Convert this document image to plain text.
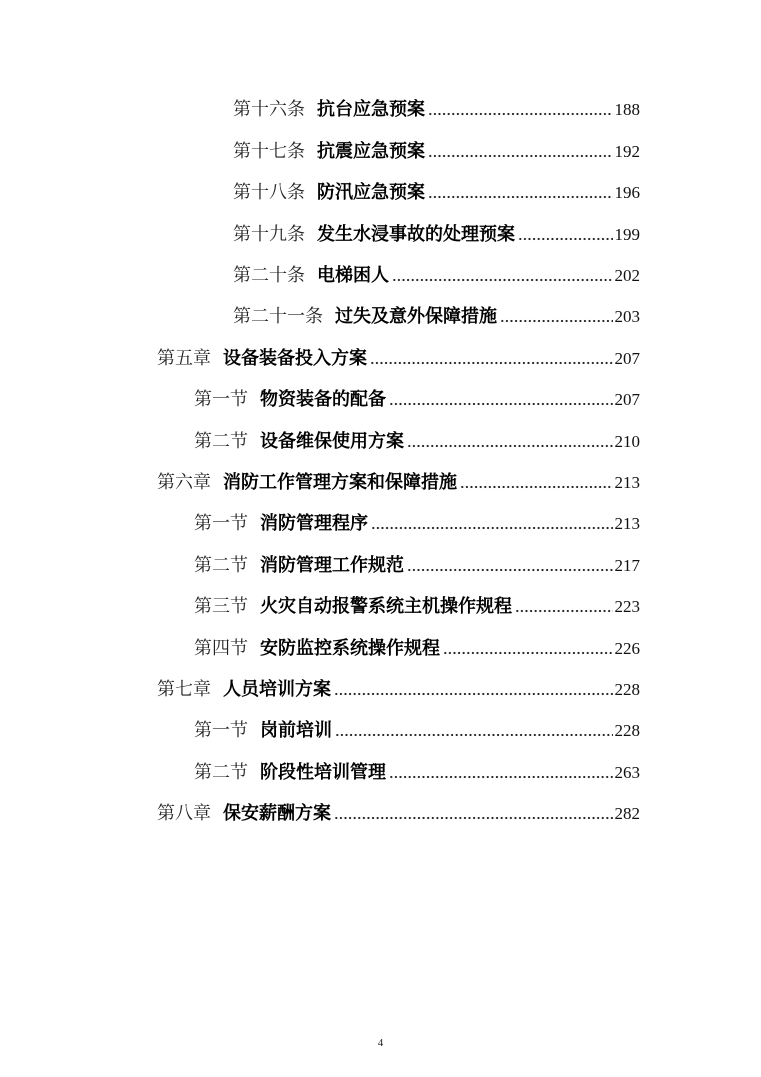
第十六条 抗台应急预案	188
第十七条 抗震应急预案	192
第十八条 防汛应急预案	196
第十九条 发生水浸事故的处理预案	199
第二十条 电梯困人	202
第二十一条 过失及意外保障措施	203
第五章 设备装备投入方案	207
第一节 物资装备的配备	207
第二节 设备维保使用方案	210
第六章 消防工作管理方案和保障措施	213
第一节 消防管理程序	213
第二节 消防管理工作规范	217
第三节 火灾自动报警系统主机操作规程	223
第四节 安防监控系统操作规程	226
第七章 人员培训方案	228
第一节 岗前培训	228
第二节 阶段性培训管理	263
第八章 保安薪酬方案	282
4
